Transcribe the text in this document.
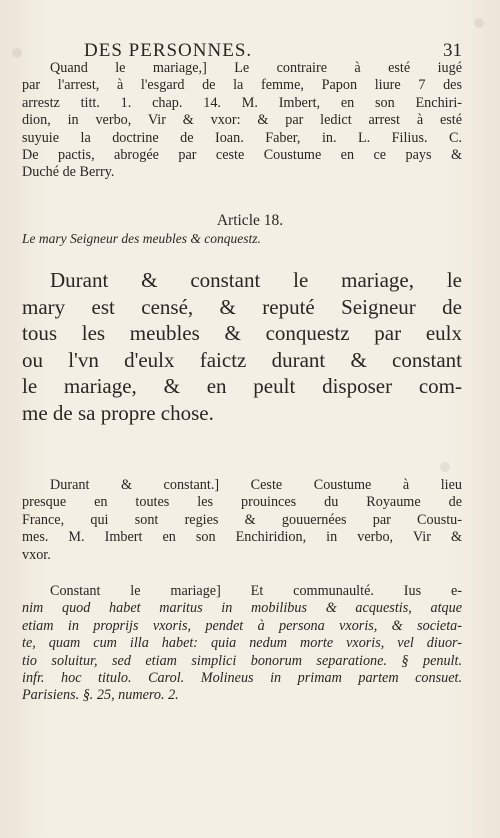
DES PERSONNES.	31
Quand le mariage,] Le contraire à esté iugé
par l'arrest, à l'esgard de la femme, Papon liure 7 des
arrestz titt. 1. chap. 14. M. Imbert, en son Enchiri-
dion, in verbo, Vir & vxor: & par ledict arrest à esté
suyuie la doctrine de Ioan. Faber, in. L. Filius. C.
De pactis, abrogée par ceste Coustume en ce pays &
Duché de Berry.
Article 18.
Le mary Seigneur des meubles & conquestz.
Durant & constant le mariage, le
mary est censé, & reputé Seigneur de
tous les meubles & conquestz par eulx
ou l'vn d'eulx faictz durant & constant
le mariage, & en peult disposer com-
me de sa propre chose.
Durant & constant.] Ceste Coustume à lieu
presque en toutes les prouinces du Royaume de
France, qui sont regies & gouuernées par Coustu-
mes. M. Imbert en son Enchiridion, in verbo, Vir &
vxor.
Constant le mariage] Et communaulté. Ius e-
nim quod habet maritus in mobilibus & acquestis, atque
etiam in proprijs vxoris, pendet à persona vxoris, & societa-
te, quam cum illa habet: quia nedum morte vxoris, vel diuor-
tio soluitur, sed etiam simplici bonorum separatione. § penult.
infr. hoc titulo. Carol. Molineus in primam partem consuet.
Parisiens. §. 25, numero. 2.
